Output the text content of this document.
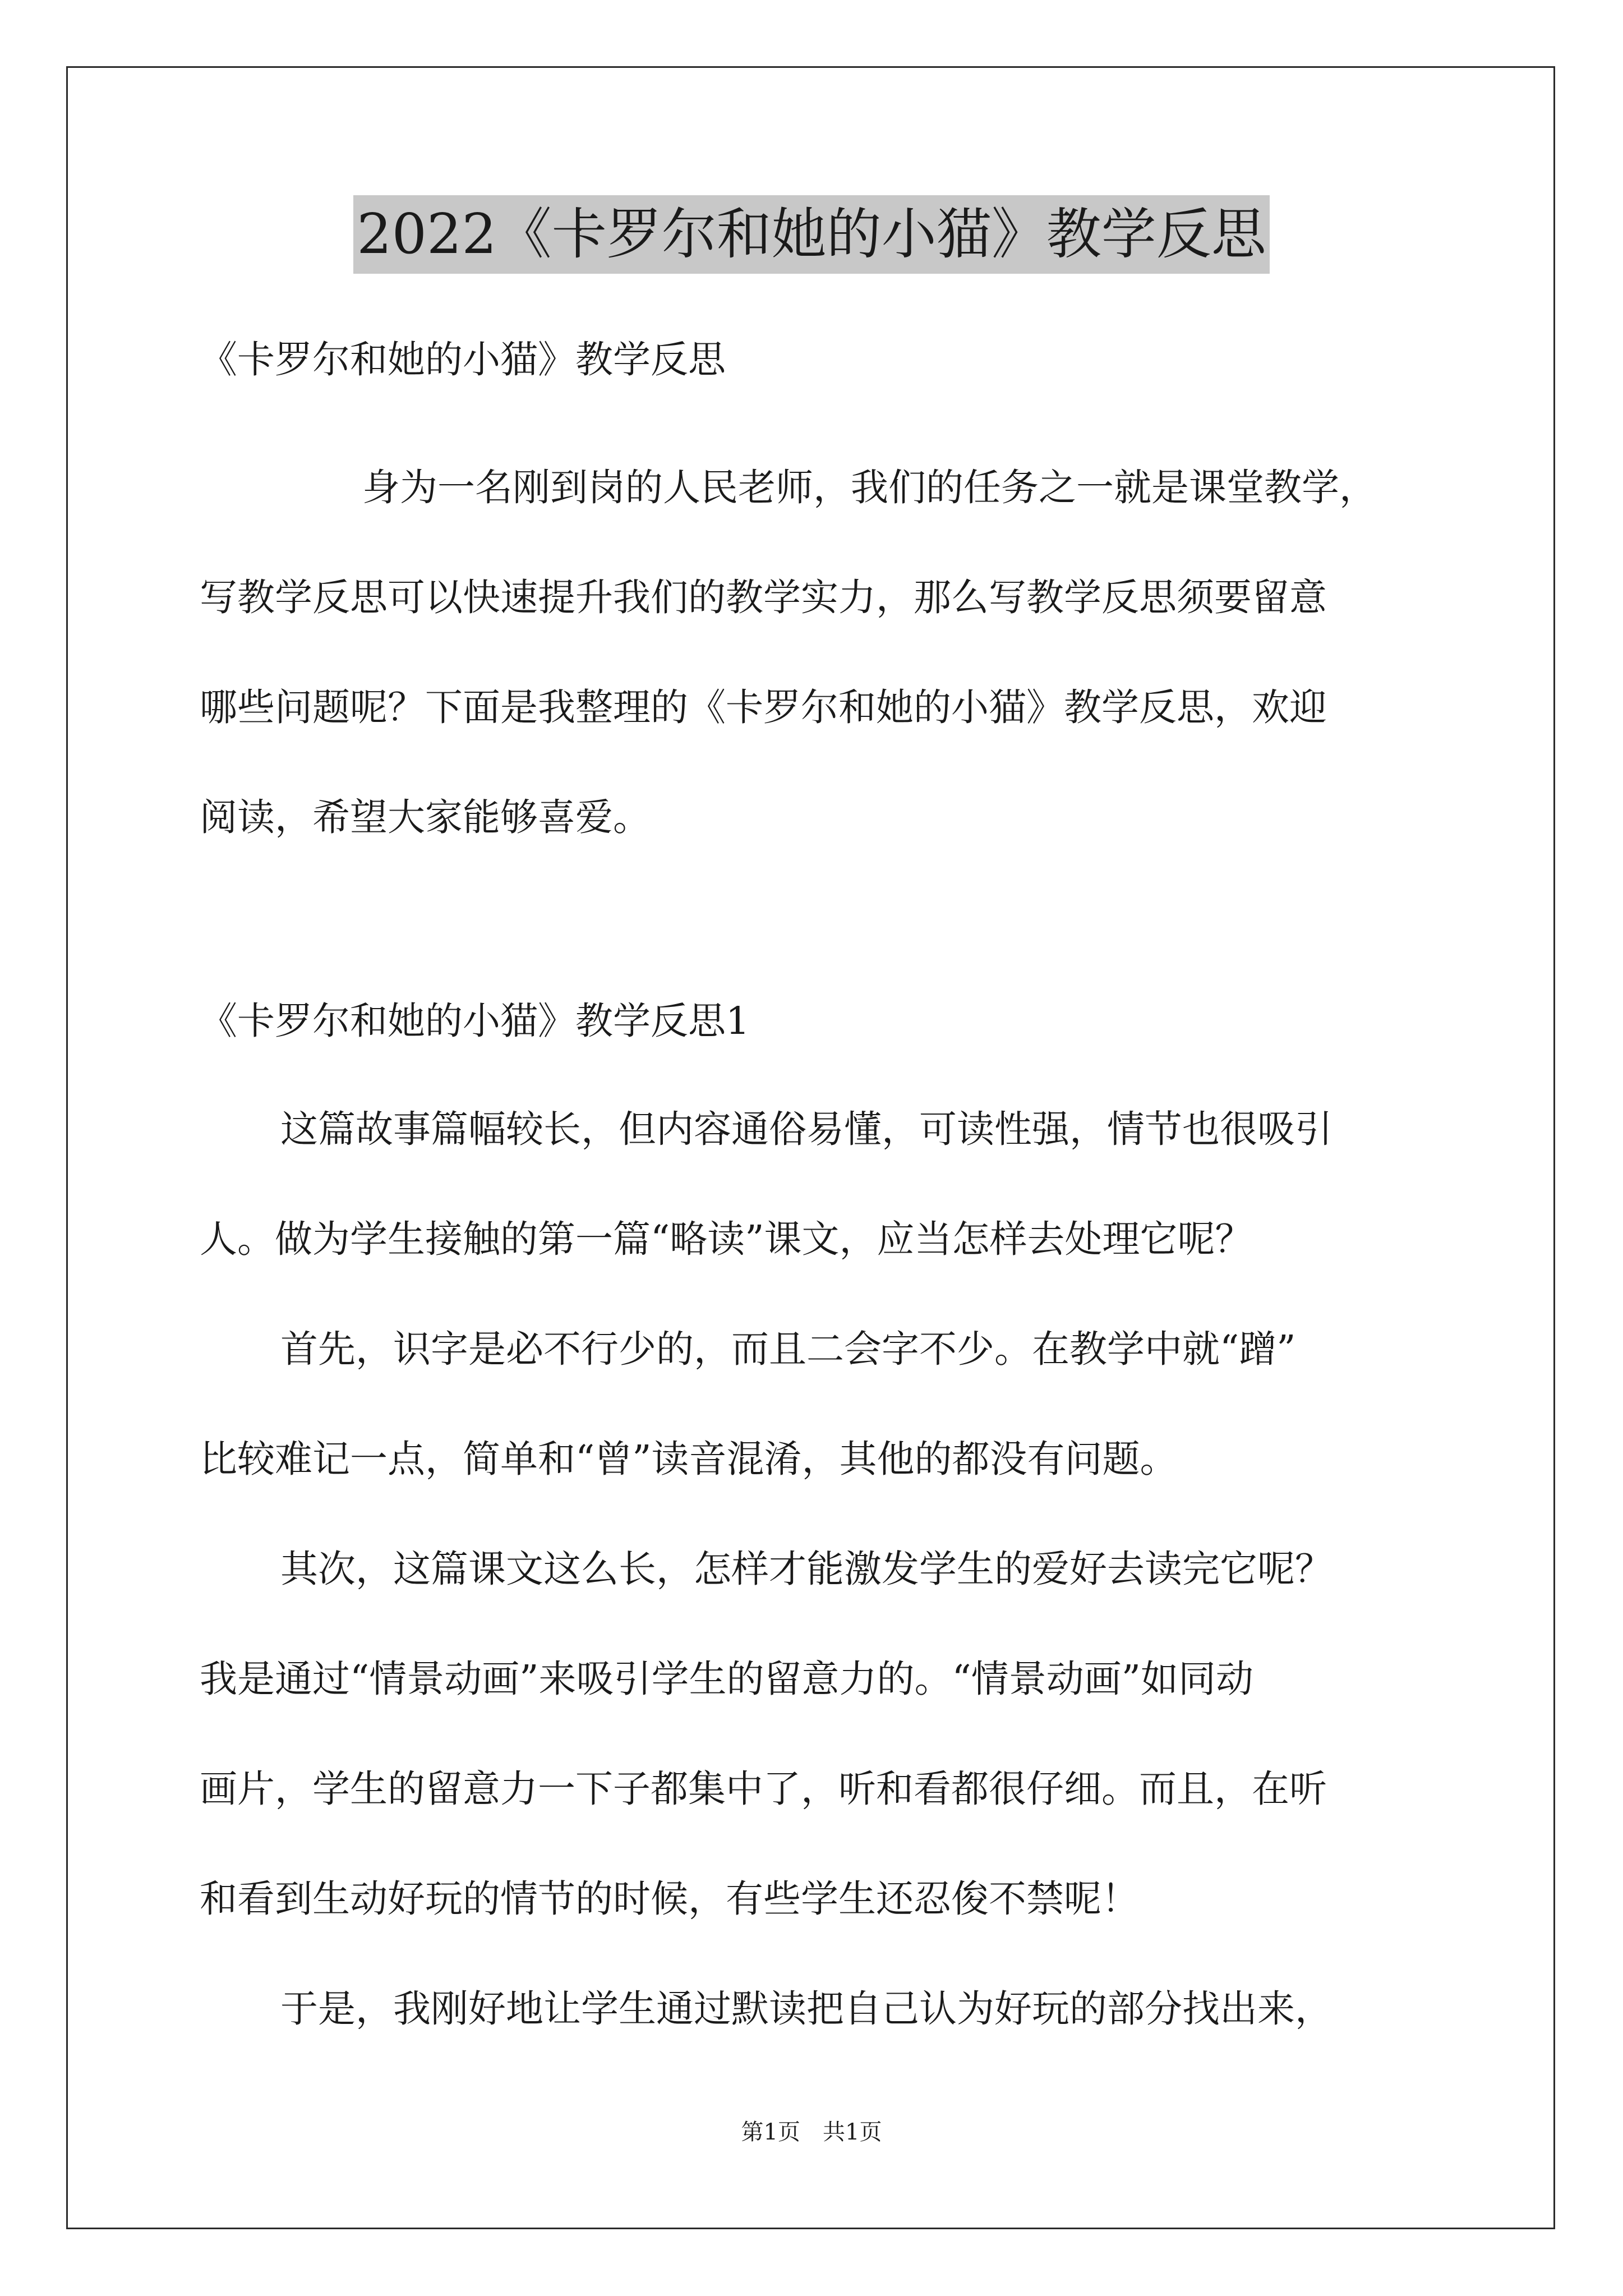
2022《卡罗尔和她的小猫》教学反思
《卡罗尔和她的小猫》教学反思
身为一名刚到岗的人民老师，我们的任务之一就是课堂教学，
写教学反思可以快速提升我们的教学实力，那么写教学反思须要留意
哪些问题呢？下面是我整理的《卡罗尔和她的小猫》教学反思，欢迎
阅读，希望大家能够喜爱。
《卡罗尔和她的小猫》教学反思1
这篇故事篇幅较长，但内容通俗易懂，可读性强，情节也很吸引
人。做为学生接触的第一篇“略读”课文，应当怎样去处理它呢？
首先，识字是必不行少的，而且二会字不少。在教学中就“蹭”
比较难记一点，简单和“曾”读音混淆，其他的都没有问题。
其次，这篇课文这么长，怎样才能激发学生的爱好去读完它呢？
我是通过“情景动画”来吸引学生的留意力的。“情景动画”如同动
画片，学生的留意力一下子都集中了，听和看都很仔细。而且，在听
和看到生动好玩的情节的时候，有些学生还忍俊不禁呢！
于是，我刚好地让学生通过默读把自己认为好玩的部分找出来，
第1页　共1页
